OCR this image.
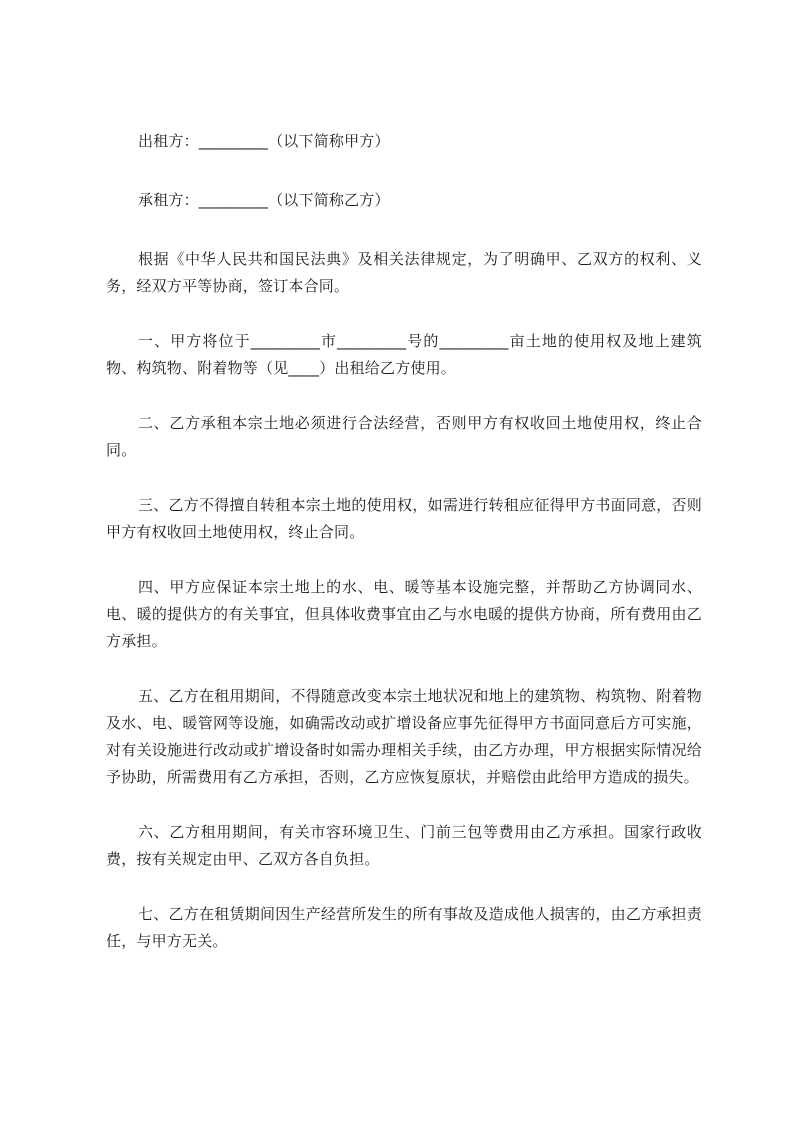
出租方：_________（以下简称甲方）

承租方：_________（以下简称乙方）

根据《中华人民共和国民法典》及相关法律规定，为了明确甲、乙双方的权利、义务，经双方平等协商，签订本合同。

一、甲方将位于_________市_________号的_________亩土地的使用权及地上建筑物、构筑物、附着物等（见____）出租给乙方使用。

二、乙方承租本宗土地必须进行合法经营，否则甲方有权收回土地使用权，终止合同。

三、乙方不得擅自转租本宗土地的使用权，如需进行转租应征得甲方书面同意，否则甲方有权收回土地使用权，终止合同。

四、甲方应保证本宗土地上的水、电、暖等基本设施完整，并帮助乙方协调同水、电、暖的提供方的有关事宜，但具体收费事宜由乙与水电暖的提供方协商，所有费用由乙方承担。

五、乙方在租用期间，不得随意改变本宗土地状况和地上的建筑物、构筑物、附着物及水、电、暖管网等设施，如确需改动或扩增设备应事先征得甲方书面同意后方可实施，对有关设施进行改动或扩增设备时如需办理相关手续，由乙方办理，甲方根据实际情况给予协助，所需费用有乙方承担，否则，乙方应恢复原状，并赔偿由此给甲方造成的损失。

六、乙方租用期间，有关市容环境卫生、门前三包等费用由乙方承担。国家行政收费，按有关规定由甲、乙双方各自负担。

七、乙方在租赁期间因生产经营所发生的所有事故及造成他人损害的，由乙方承担责任，与甲方无关。
